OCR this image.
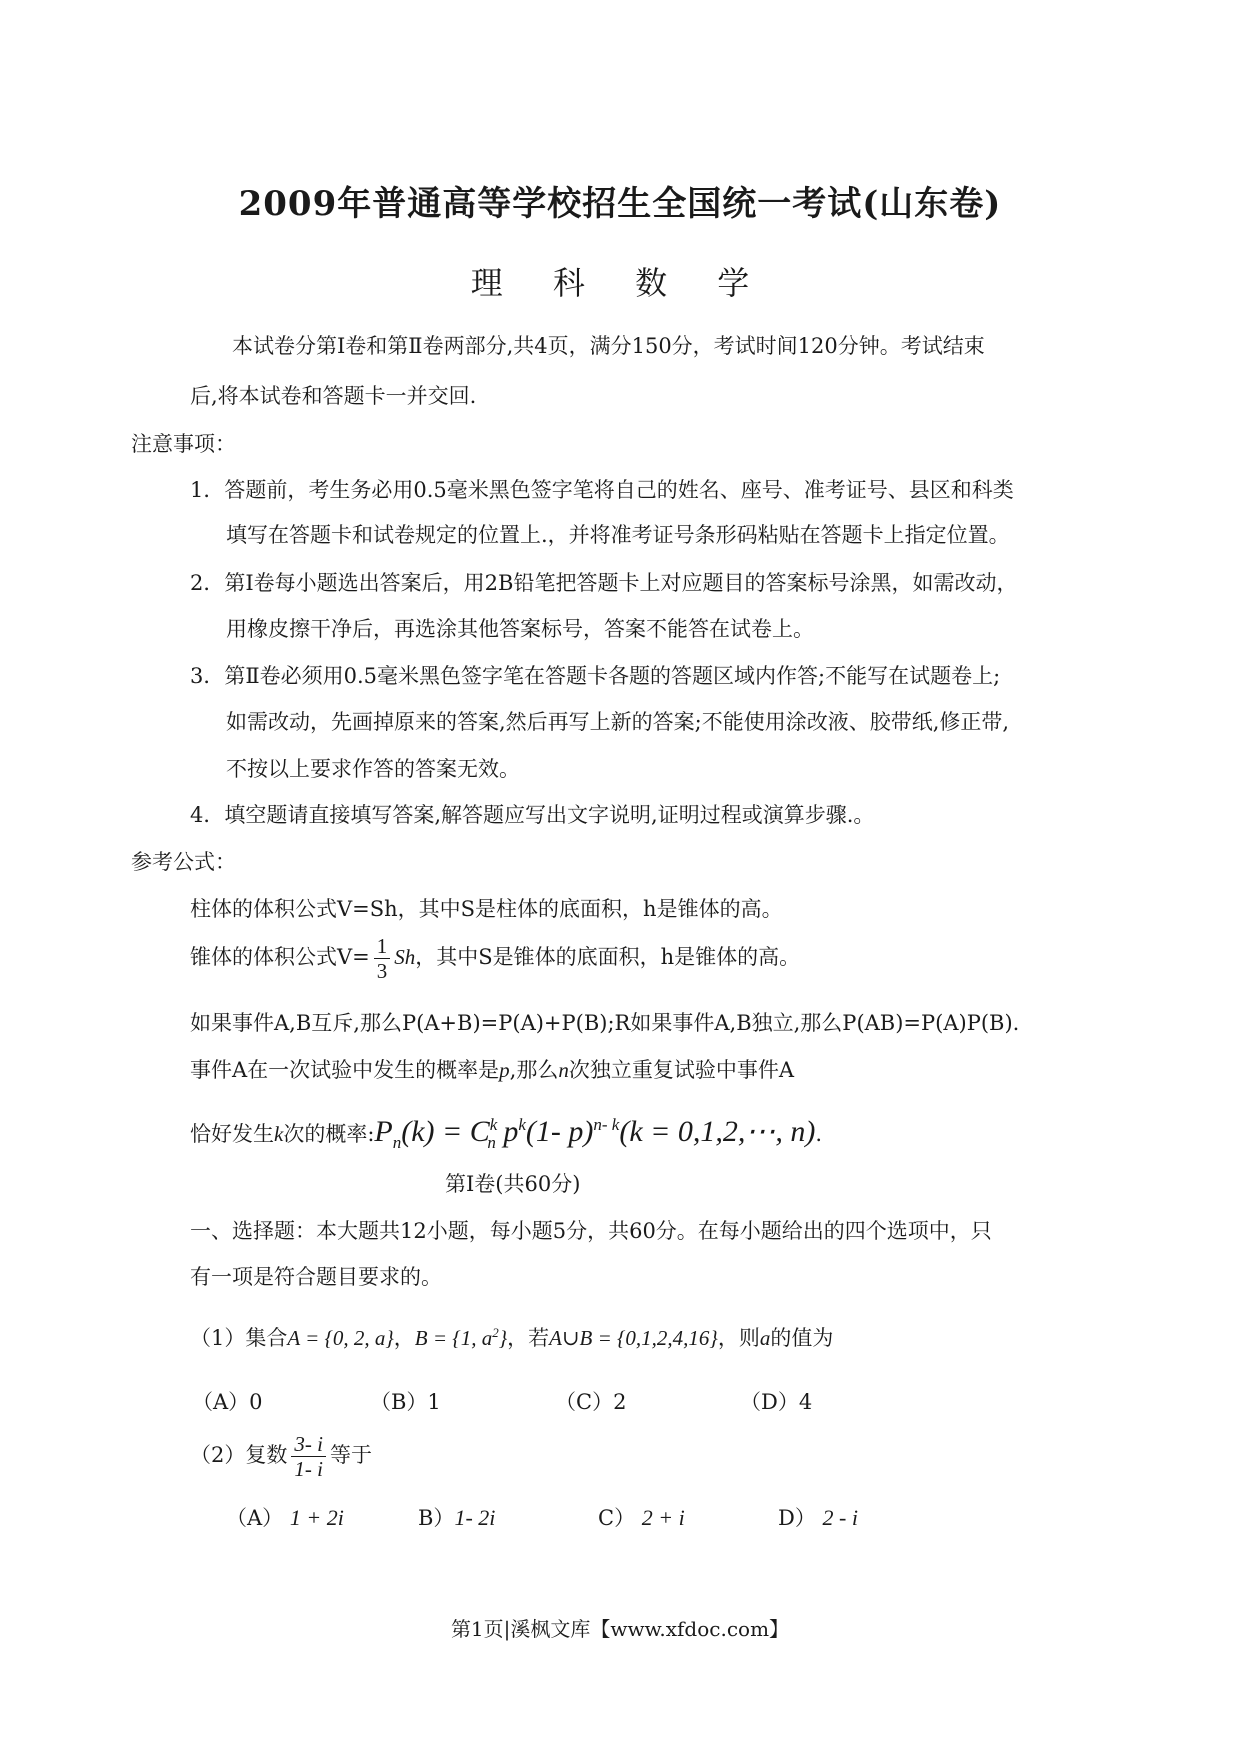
2009年普通高等学校招生全国统一考试(山东卷)
理 科 数 学
本试卷分第Ⅰ卷和第Ⅱ卷两部分,共4页，满分150分，考试时间120分钟。考试结束
后,将本试卷和答题卡一并交回.
注意事项：
1．答题前，考生务必用0.5毫米黑色签字笔将自己的姓名、座号、准考证号、县区和科类
填写在答题卡和试卷规定的位置上.，并将准考证号条形码粘贴在答题卡上指定位置。
2．第Ⅰ卷每小题选出答案后，用2B铅笔把答题卡上对应题目的答案标号涂黑，如需改动，
用橡皮擦干净后，再选涂其他答案标号，答案不能答在试卷上。
3．第Ⅱ卷必须用0.5毫米黑色签字笔在答题卡各题的答题区域内作答;不能写在试题卷上;
如需改动，先画掉原来的答案,然后再写上新的答案;不能使用涂改液、胶带纸,修正带,
不按以上要求作答的答案无效。
4．填空题请直接填写答案,解答题应写出文字说明,证明过程或演算步骤.。
参考公式：
柱体的体积公式V=Sh，其中S是柱体的底面积，h是锥体的高。
锥体的体积公式$V= \frac{1}{3}$ Sh，其中S是锥体的底面积，h是锥体的高。
如果事件A,B互斥,那么P(A+B)=P(A)+P(B);R如果事件A,B独立,那么P(AB)=P(A)P(B).
事件A在一次试验中发生的概率是p,那么n次独立重复试验中事件A
恰好发生k次的概率$:P_n(k) = C^k_n$ $p^k(1-$ p)$^{n- k}$(k = 0,1,2,⋯, n).
第Ⅰ卷(共60分)
一、选择题：本大题共12小题，每小题5分，共60分。在每小题给出的四个选项中，只
有一项是符合题目要求的。
（1）集合A = {0, 2, a}，B = {1, $a^2$}，若A∪B = {0,1,2,4,16}，则a的值为
（A）0	（B）1	（C）2	（D）4
（2）复数 $\frac{3- i}{1- i}$ 等于
（A） 1 + 2i	B）1- 2i	C） 2 + i	D） 2 - i
第1页|溪枫文库【www.xfdoc.com】
